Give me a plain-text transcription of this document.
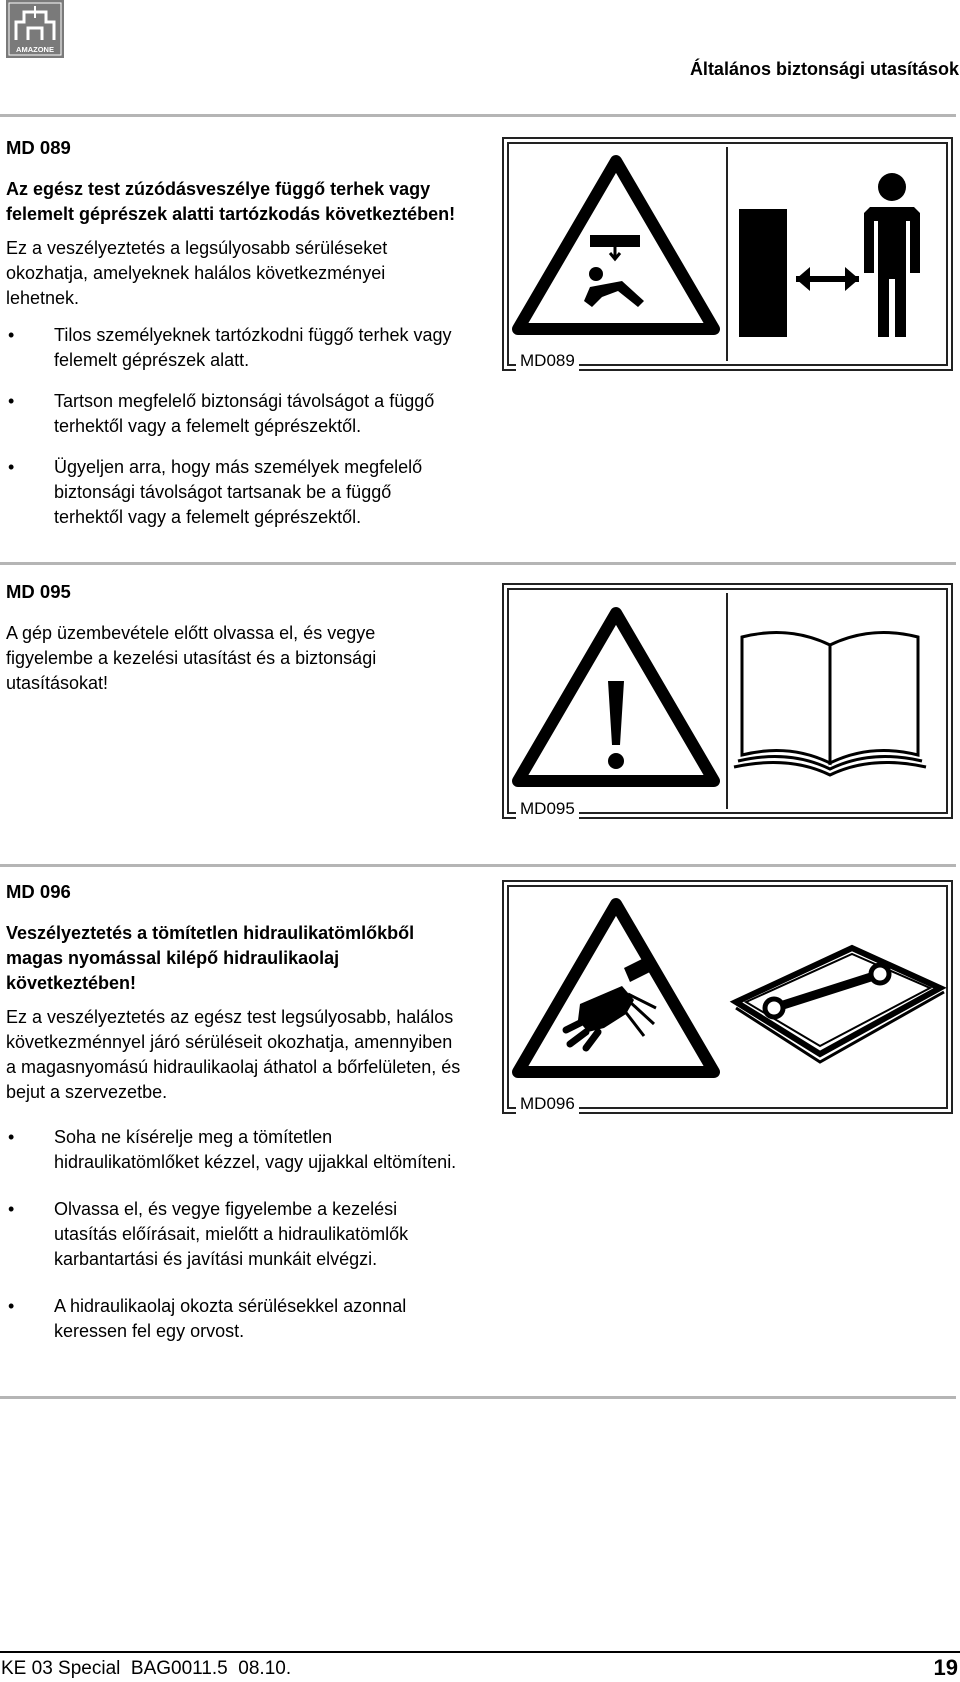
AMAZONE
Általános biztonsági utasítások
MD 089
Az egész test zúzódásveszélye függő terhek vagy felemelt géprészek alatti tartózkodás következtében!
Ez a veszélyeztetés a legsúlyosabb sérüléseket okozhatja, amelyeknek halálos következményei lehetnek.
• Tilos személyeknek tartózkodni függő terhek vagy felemelt géprészek alatt.
• Tartson megfelelő biztonsági távolságot a függő terhektől vagy a felemelt géprészektől.
• Ügyeljen arra, hogy más személyek megfelelő biztonsági távolságot tartsanak be a függő terhektől vagy a felemelt géprészektől.
MD089
MD 095
A gép üzembevétele előtt olvassa el, és vegye figyelembe a kezelési utasítást és a biztonsági utasításokat!
MD095
MD 096
Veszélyeztetés a tömítetlen hidraulikatömlőkből magas nyomással kilépő hidraulikaolaj következtében!
Ez a veszélyeztetés az egész test legsúlyosabb, halálos következménnyel járó sérüléseit okozhatja, amennyiben a magasnyomású hidraulikaolaj áthatol a bőrfelületen, és bejut a szervezetbe.
• Soha ne kísérelje meg a tömítetlen hidraulikatömlőket kézzel, vagy ujjakkal eltömíteni.
• Olvassa el, és vegye figyelembe a kezelési utasítás előírásait, mielőtt a hidraulikatömlők karbantartási és javítási munkáit elvégzi.
• A hidraulikaolaj okozta sérülésekkel azonnal keressen fel egy orvost.
MD096
KE 03 Special  BAG0011.5  08.10.	19
